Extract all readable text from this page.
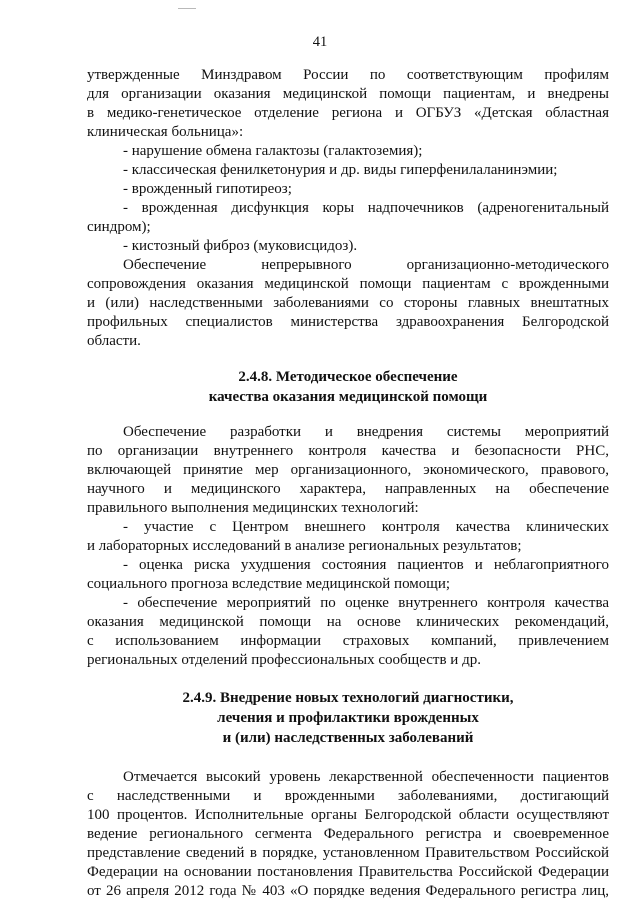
41

утвержденные Минздравом России по соответствующим профилям

для организации оказания медицинской помощи пациентам, и внедрены

в медико-генетическое отделение региона и ОГБУЗ «Детская областная

клиническая больница»:

- нарушение обмена галактозы (галактоземия);

- классическая фенилкетонурия и др. виды гиперфенилаланинэмии;

- врожденный гипотиреоз;

- врожденная дисфункция коры надпочечников (адреногенитальный

синдром);

- кистозный фиброз (муковисцидоз).

Обеспечение непрерывного организационно-методического

сопровождения оказания медицинской помощи пациентам с врожденными

и (или) наследственными заболеваниями со стороны главных внештатных

профильных специалистов министерства здравоохранения Белгородской

области.

2.4.8. Методическое обеспечение
качества оказания медицинской помощи

Обеспечение разработки и внедрения системы мероприятий

по организации внутреннего контроля качества и безопасности РНС,

включающей принятие мер организационного, экономического, правового,

научного и медицинского характера, направленных на обеспечение

правильного выполнения медицинских технологий:

- участие с Центром внешнего контроля качества клинических

и лабораторных исследований в анализе региональных результатов;

- оценка риска ухудшения состояния пациентов и неблагоприятного

социального прогноза вследствие медицинской помощи;

- обеспечение мероприятий по оценке внутреннего контроля качества

оказания медицинской помощи на основе клинических рекомендаций,

с использованием информации страховых компаний, привлечением

региональных отделений профессиональных сообществ и др.

2.4.9. Внедрение новых технологий диагностики,
лечения и профилактики врожденных
и (или) наследственных заболеваний

Отмечается высокий уровень лекарственной обеспеченности пациентов

с наследственными и врожденными заболеваниями, достигающий

100 процентов. Исполнительные органы Белгородской области осуществляют

ведение регионального сегмента Федерального регистра и своевременное

представление сведений в порядке, установленном Правительством Российской

Федерации на основании постановления Правительства Российской Федерации

от 26 апреля 2012 года № 403 «О порядке ведения Федерального регистра лиц,
